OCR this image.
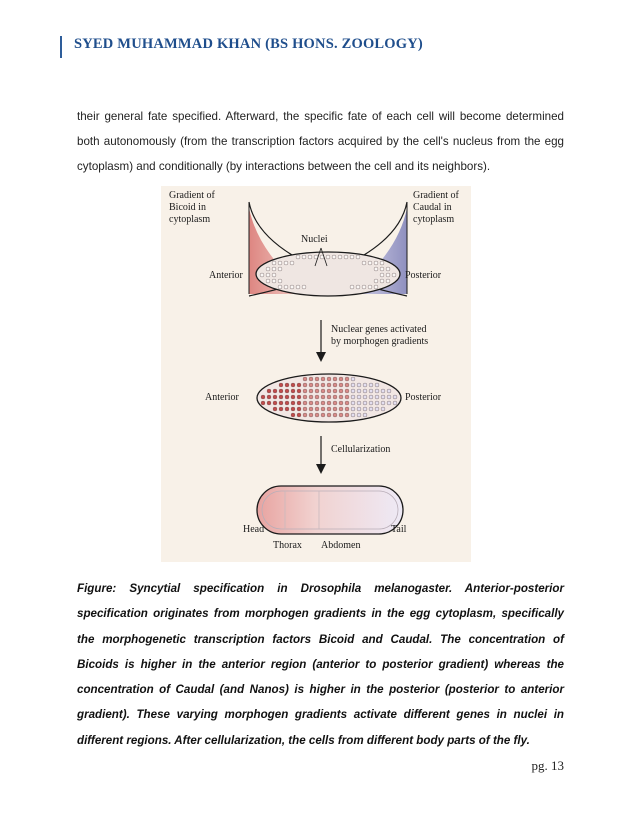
SYED MUHAMMAD KHAN (BS HONS. ZOOLOGY)
their general fate specified. Afterward, the specific fate of each cell will become determined both autonomously (from the transcription factors acquired by the cell's nucleus from the egg cytoplasm) and conditionally (by interactions between the cell and its neighbors).
Gradient of
Bicoid in
cytoplasm
Gradient of
Caudal in
cytoplasm
Nuclei
Anterior	Posterior
Nuclear genes activated
by morphogen gradients
Anterior	Posterior
Cellularization
Head	Tail
Thorax Abdomen
Figure: Syncytial specification in Drosophila melanogaster. Anterior-posterior specification originates from morphogen gradients in the egg cytoplasm, specifically the morphogenetic transcription factors Bicoid and Caudal. The concentration of Bicoids is higher in the anterior region (anterior to posterior gradient) whereas the concentration of Caudal (and Nanos) is higher in the posterior (posterior to anterior gradient). These varying morphogen gradients activate different genes in nuclei in different regions. After cellularization, the cells from different body parts of the fly.
pg. 13
